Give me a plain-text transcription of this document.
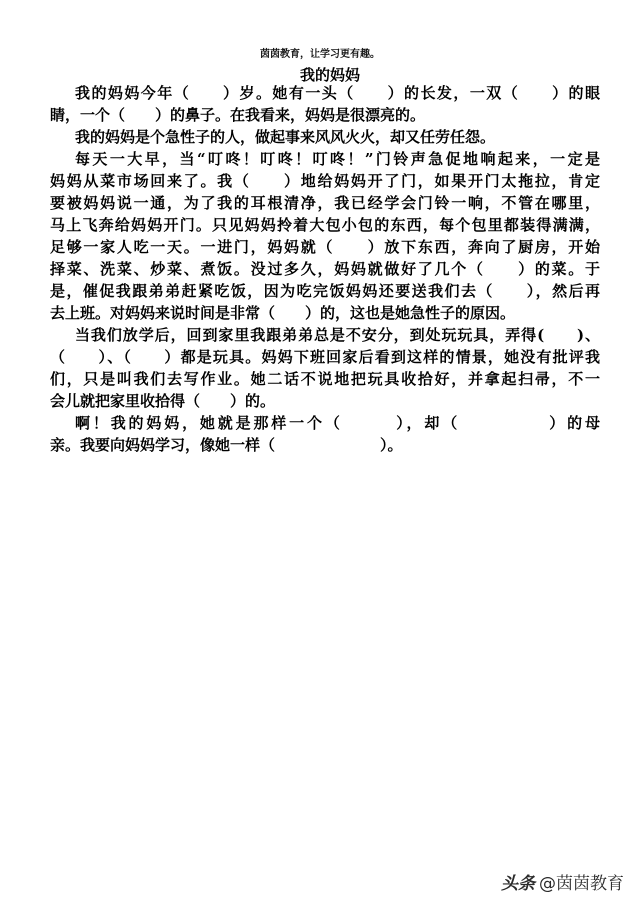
茵茵教育，让学习更有趣。
我的妈妈
我的妈妈今年（　　）岁。她有一头（　　）的长发，一双（　　）的眼
睛，一个（　　）的鼻子。在我看来，妈妈是很漂亮的。
我的妈妈是个急性子的人，做起事来风风火火，却又任劳任怨。
每天一大早，当“叮咚！叮咚！叮咚！”门铃声急促地响起来，一定是
妈妈从菜市场回来了。我（　　）地给妈妈开了门，如果开门太拖拉，肯定
要被妈妈说一通，为了我的耳根清净，我已经学会门铃一响，不管在哪里，
马上飞奔给妈妈开门。只见妈妈拎着大包小包的东西，每个包里都装得满满，
足够一家人吃一天。一进门，妈妈就（　　）放下东西，奔向了厨房，开始
择菜、洗菜、炒菜、煮饭。没过多久，妈妈就做好了几个（　　）的菜。于
是，催促我跟弟弟赶紧吃饭，因为吃完饭妈妈还要送我们去（　　），然后再
去上班。对妈妈来说时间是非常（　　）的，这也是她急性子的原因。
当我们放学后，回到家里我跟弟弟总是不安分，到处玩玩具，弄得(　　)、
（　　）、（　　）都是玩具。妈妈下班回家后看到这样的情景，她没有批评我
们，只是叫我们去写作业。她二话不说地把玩具收拾好，并拿起扫帚，不一
会儿就把家里收拾得（　　）的。
啊！我的妈妈，她就是那样一个（　　　），却（　　　　　）的母
亲。我要向妈妈学习，像她一样（　　　　　　　）。
头条 @茵茵教育
